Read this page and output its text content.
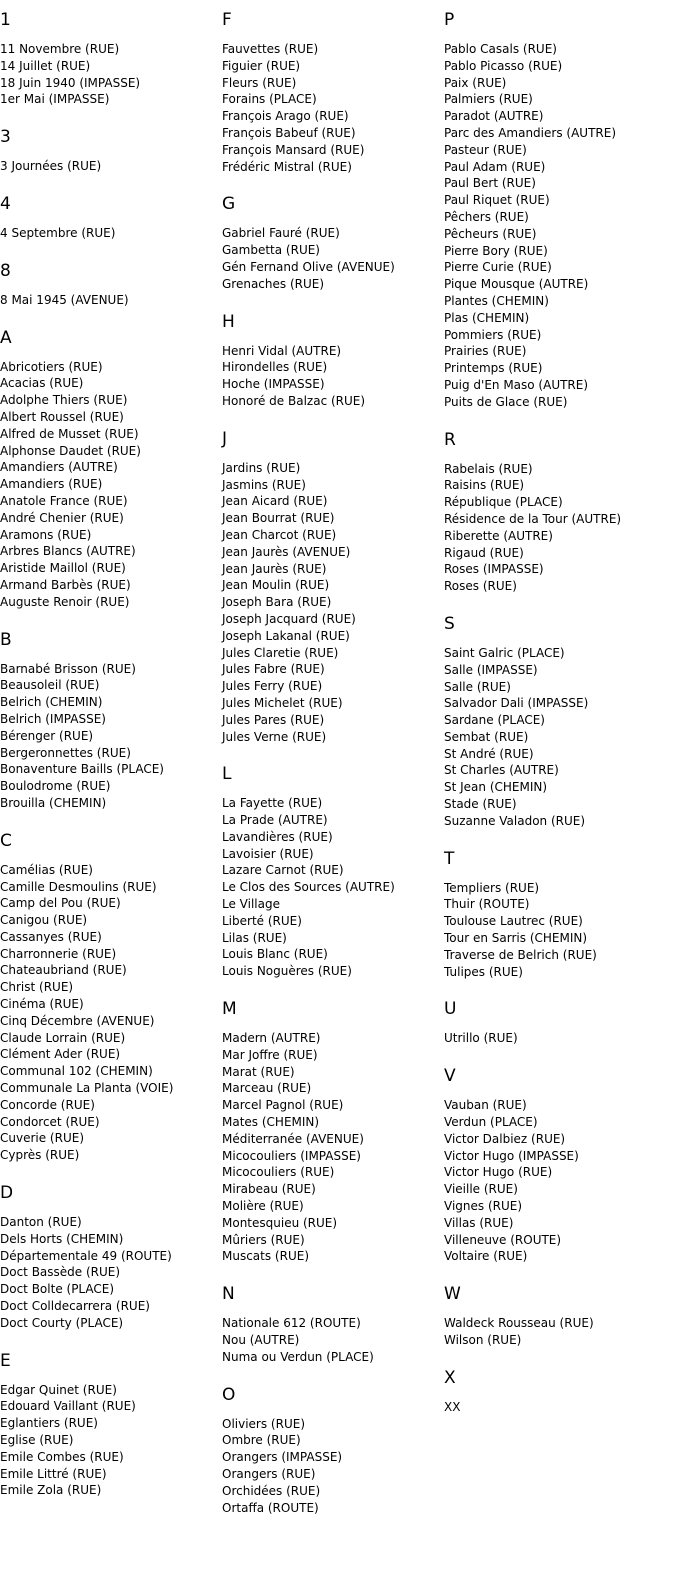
1
11 Novembre (RUE)
14 Juillet (RUE)
18 Juin 1940 (IMPASSE)
1er Mai (IMPASSE)
3
3 Journées (RUE)
4
4 Septembre (RUE)
8
8 Mai 1945 (AVENUE)
A
Abricotiers (RUE)
Acacias (RUE)
Adolphe Thiers (RUE)
Albert Roussel (RUE)
Alfred de Musset (RUE)
Alphonse Daudet (RUE)
Amandiers (AUTRE)
Amandiers (RUE)
Anatole France (RUE)
André Chenier (RUE)
Aramons (RUE)
Arbres Blancs (AUTRE)
Aristide Maillol (RUE)
Armand Barbès (RUE)
Auguste Renoir (RUE)
B
Barnabé Brisson (RUE)
Beausoleil (RUE)
Belrich (CHEMIN)
Belrich (IMPASSE)
Bérenger (RUE)
Bergeronnettes (RUE)
Bonaventure Baills (PLACE)
Boulodrome (RUE)
Brouilla (CHEMIN)
C
Camélias (RUE)
Camille Desmoulins (RUE)
Camp del Pou (RUE)
Canigou (RUE)
Cassanyes (RUE)
Charronnerie (RUE)
Chateaubriand (RUE)
Christ (RUE)
Cinéma (RUE)
Cinq Décembre (AVENUE)
Claude Lorrain (RUE)
Clément Ader (RUE)
Communal 102 (CHEMIN)
Communale La Planta (VOIE)
Concorde (RUE)
Condorcet (RUE)
Cuverie (RUE)
Cyprès (RUE)
D
Danton (RUE)
Dels Horts (CHEMIN)
Départementale 49 (ROUTE)
Doct Bassède (RUE)
Doct Bolte (PLACE)
Doct Colldecarrera (RUE)
Doct Courty (PLACE)
E
Edgar Quinet (RUE)
Edouard Vaillant (RUE)
Eglantiers (RUE)
Eglise (RUE)
Emile Combes (RUE)
Emile Littré (RUE)
Emile Zola (RUE)
F
Fauvettes (RUE)
Figuier (RUE)
Fleurs (RUE)
Forains (PLACE)
François Arago (RUE)
François Babeuf (RUE)
François Mansard (RUE)
Frédéric Mistral (RUE)
G
Gabriel Fauré (RUE)
Gambetta (RUE)
Gén Fernand Olive (AVENUE)
Grenaches (RUE)
H
Henri Vidal (AUTRE)
Hirondelles (RUE)
Hoche (IMPASSE)
Honoré de Balzac (RUE)
J
Jardins (RUE)
Jasmins (RUE)
Jean Aicard (RUE)
Jean Bourrat (RUE)
Jean Charcot (RUE)
Jean Jaurès (AVENUE)
Jean Jaurès (RUE)
Jean Moulin (RUE)
Joseph Bara (RUE)
Joseph Jacquard (RUE)
Joseph Lakanal (RUE)
Jules Claretie (RUE)
Jules Fabre (RUE)
Jules Ferry (RUE)
Jules Michelet (RUE)
Jules Pares (RUE)
Jules Verne (RUE)
L
La Fayette (RUE)
La Prade (AUTRE)
Lavandières (RUE)
Lavoisier (RUE)
Lazare Carnot (RUE)
Le Clos des Sources (AUTRE)
Le Village
Liberté (RUE)
Lilas (RUE)
Louis Blanc (RUE)
Louis Noguères (RUE)
M
Madern (AUTRE)
Mar Joffre (RUE)
Marat (RUE)
Marceau (RUE)
Marcel Pagnol (RUE)
Mates (CHEMIN)
Méditerranée (AVENUE)
Micocouliers (IMPASSE)
Micocouliers (RUE)
Mirabeau (RUE)
Molière (RUE)
Montesquieu (RUE)
Mûriers (RUE)
Muscats (RUE)
N
Nationale 612 (ROUTE)
Nou (AUTRE)
Numa ou Verdun (PLACE)
O
Oliviers (RUE)
Ombre (RUE)
Orangers (IMPASSE)
Orangers (RUE)
Orchidées (RUE)
Ortaffa (ROUTE)
P
Pablo Casals (RUE)
Pablo Picasso (RUE)
Paix (RUE)
Palmiers (RUE)
Paradot (AUTRE)
Parc des Amandiers (AUTRE)
Pasteur (RUE)
Paul Adam (RUE)
Paul Bert (RUE)
Paul Riquet (RUE)
Pêchers (RUE)
Pêcheurs (RUE)
Pierre Bory (RUE)
Pierre Curie (RUE)
Pique Mousque (AUTRE)
Plantes (CHEMIN)
Plas (CHEMIN)
Pommiers (RUE)
Prairies (RUE)
Printemps (RUE)
Puig d'En Maso (AUTRE)
Puits de Glace (RUE)
R
Rabelais (RUE)
Raisins (RUE)
République (PLACE)
Résidence de la Tour (AUTRE)
Riberette (AUTRE)
Rigaud (RUE)
Roses (IMPASSE)
Roses (RUE)
S
Saint Galric (PLACE)
Salle (IMPASSE)
Salle (RUE)
Salvador Dali (IMPASSE)
Sardane (PLACE)
Sembat (RUE)
St André (RUE)
St Charles (AUTRE)
St Jean (CHEMIN)
Stade (RUE)
Suzanne Valadon (RUE)
T
Templiers (RUE)
Thuir (ROUTE)
Toulouse Lautrec (RUE)
Tour en Sarris (CHEMIN)
Traverse de Belrich (RUE)
Tulipes (RUE)
U
Utrillo (RUE)
V
Vauban (RUE)
Verdun (PLACE)
Victor Dalbiez (RUE)
Victor Hugo (IMPASSE)
Victor Hugo (RUE)
Vieille (RUE)
Vignes (RUE)
Villas (RUE)
Villeneuve (ROUTE)
Voltaire (RUE)
W
Waldeck Rousseau (RUE)
Wilson (RUE)
X
XX
